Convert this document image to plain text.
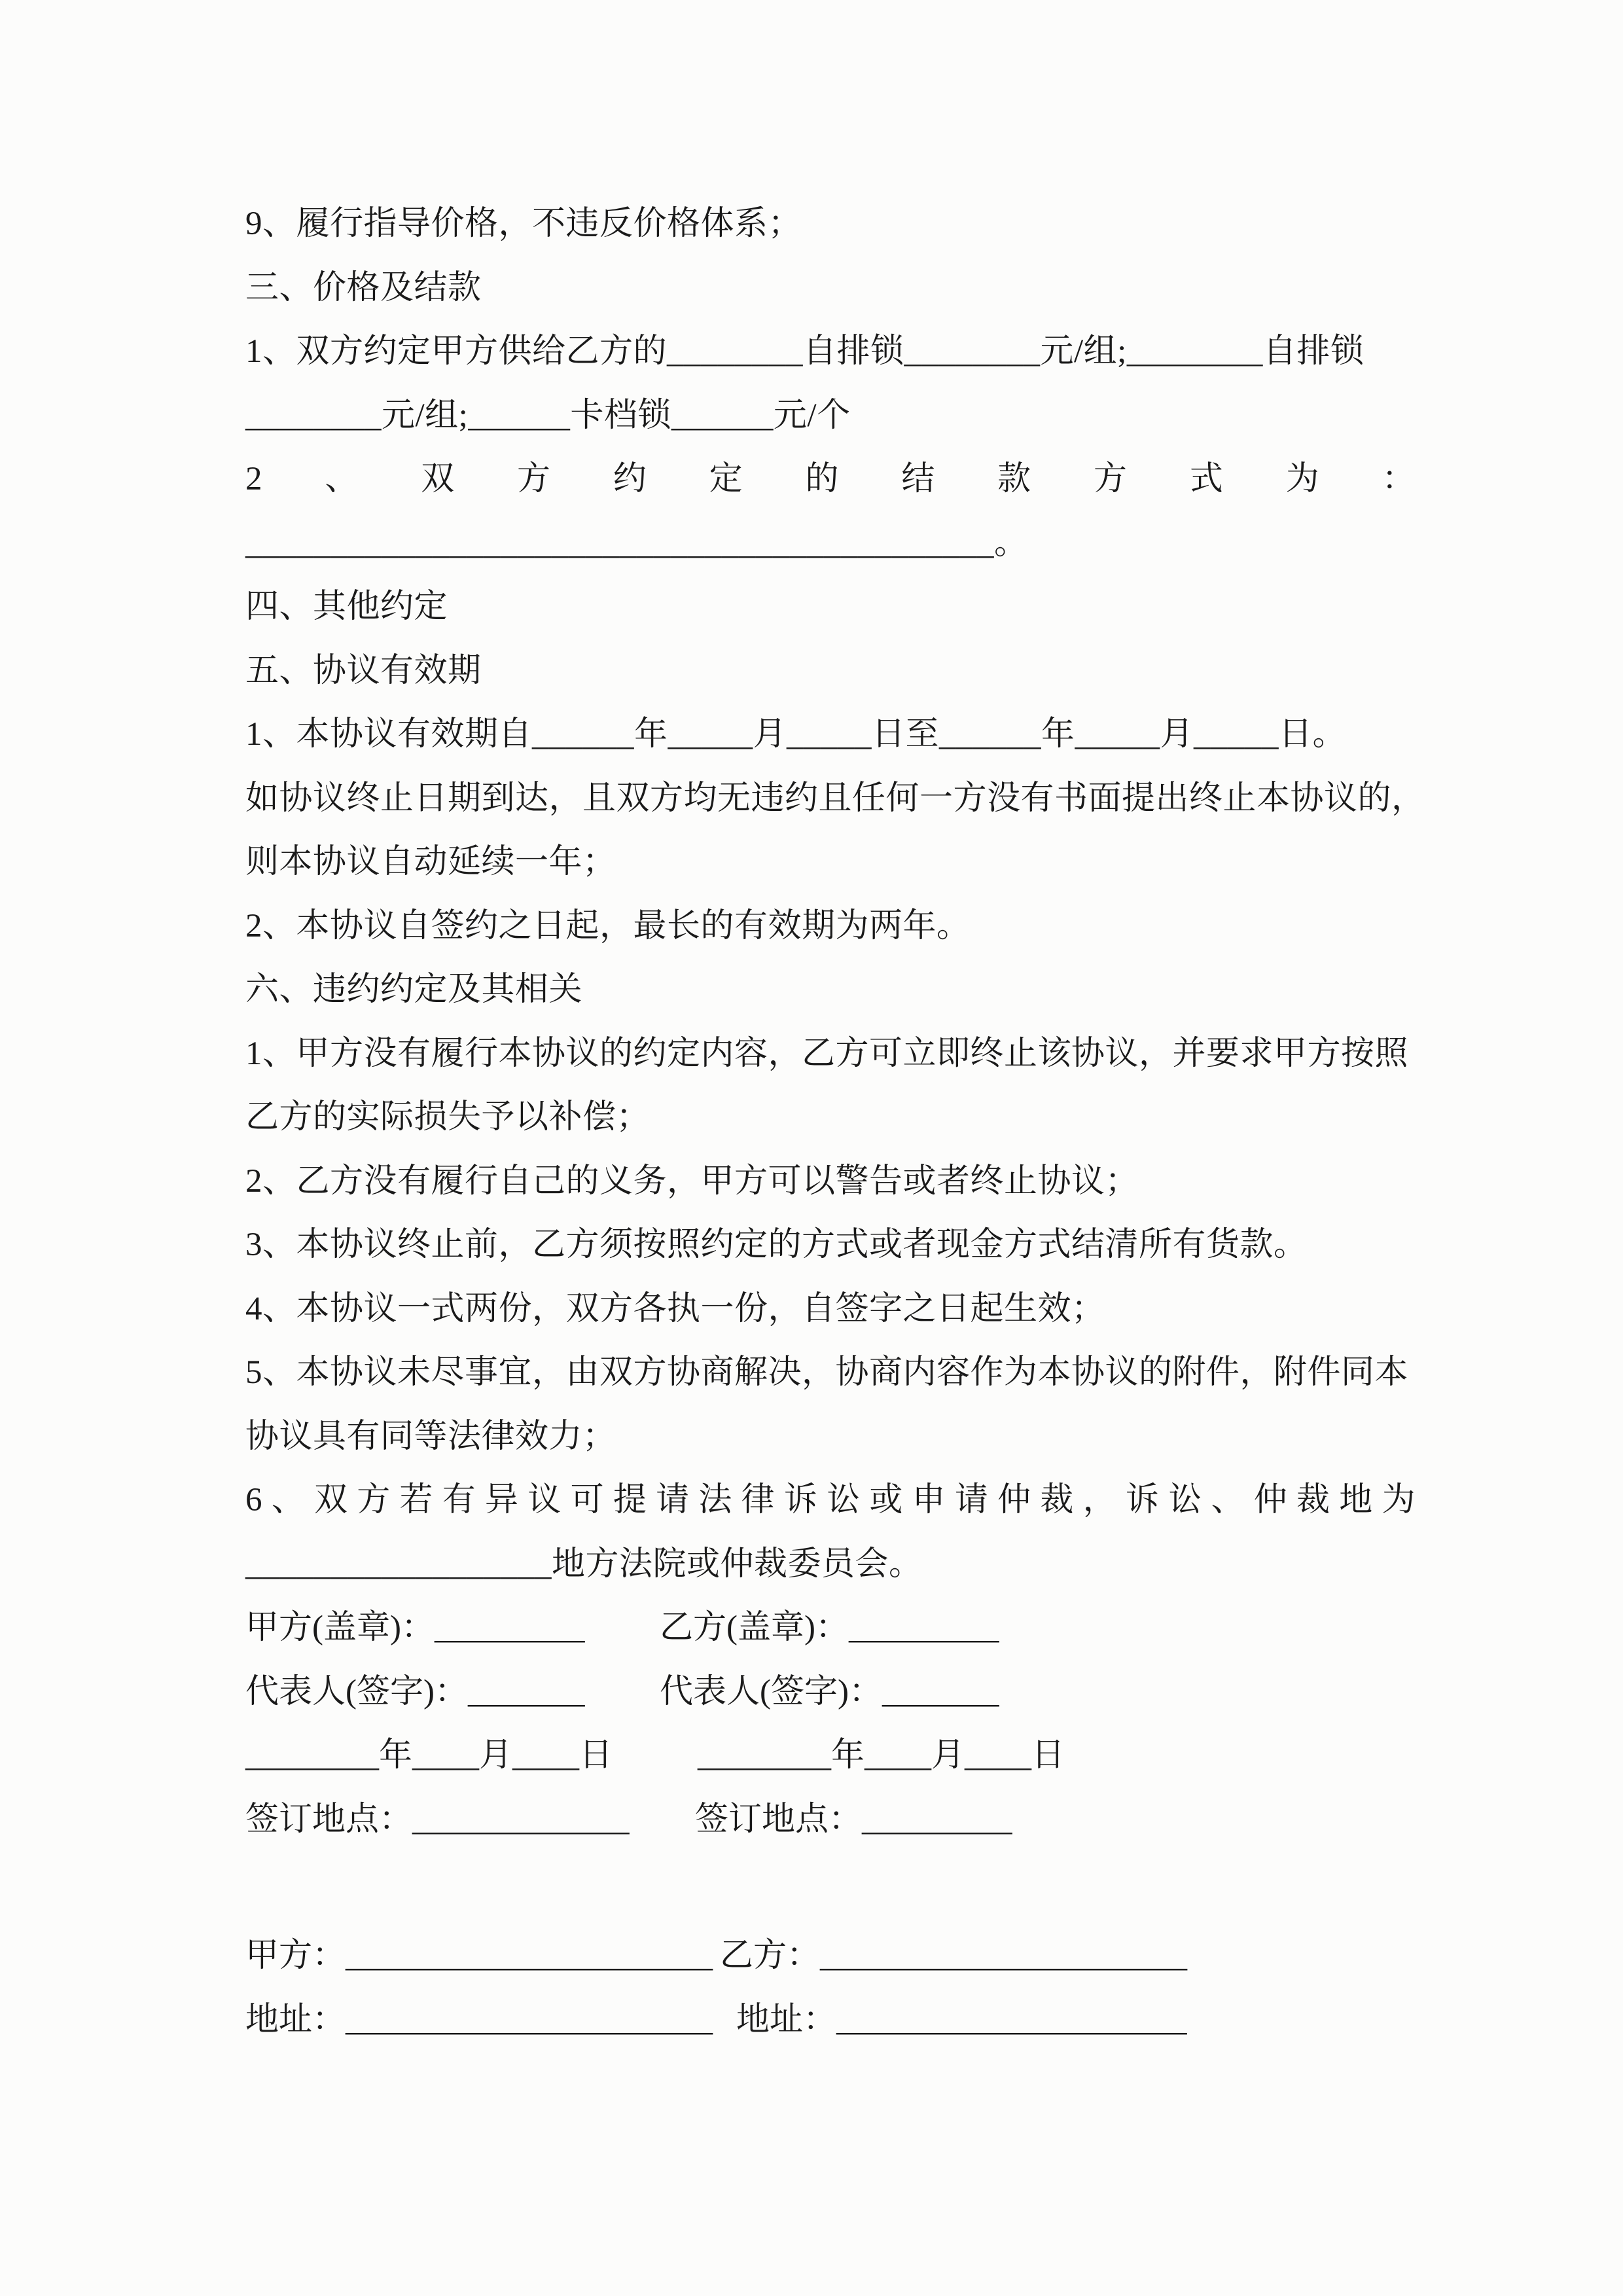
9、履行指导价格，不违反价格体系；
三、价格及结款
1、双方约定甲方供给乙方的________自排锁________元/组;________自排锁
________元/组;______卡档锁______元/个
2、双方约定的结款方式为：
____________________________________________。
四、其他约定
五、协议有效期
1、本协议有效期自______年_____月_____日至______年_____月_____日。
如协议终止日期到达，且双方均无违约且任何一方没有书面提出终止本协议的，
则本协议自动延续一年；
2、本协议自签约之日起，最长的有效期为两年。
六、违约约定及其相关
1、甲方没有履行本协议的约定内容，乙方可立即终止该协议，并要求甲方按照
乙方的实际损失予以补偿；
2、乙方没有履行自己的义务，甲方可以警告或者终止协议；
3、本协议终止前，乙方须按照约定的方式或者现金方式结清所有货款。
4、本协议一式两份，双方各执一份，自签字之日起生效；
5、本协议未尽事宜，由双方协商解决，协商内容作为本协议的附件，附件同本
协议具有同等法律效力；
6、双方若有异议可提请法律诉讼或申请仲裁，诉讼、仲裁地为
__________________地方法院或仲裁委员会。
甲方(盖章)：_________	乙方(盖章)：_________
代表人(签字)：_______	代表人(签字)：_______
________年____月____日	________年____月____日
签订地点：_____________	签订地点：_________
甲方：______________________ 乙方：______________________
地址：______________________ 地址：_____________________
